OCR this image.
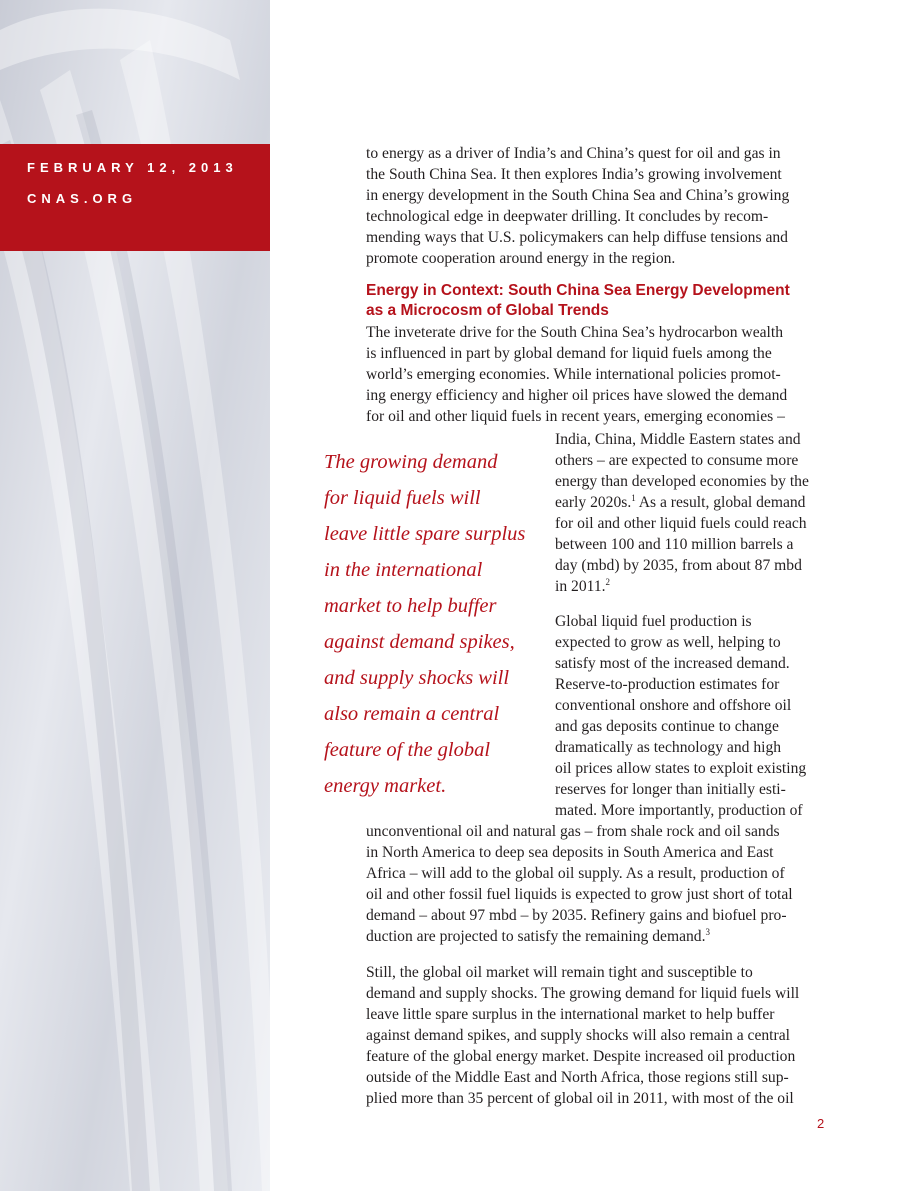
FEBRUARY 12, 2013
CNAS.ORG
to energy as a driver of India’s and China’s quest for oil and gas in
the South China Sea. It then explores India’s growing involvement
in energy development in the South China Sea and China’s growing
technological edge in deepwater drilling. It concludes by recom-
mending ways that U.S. policymakers can help diffuse tensions and
promote cooperation around energy in the region.
Energy in Context: South China Sea Energy Development
as a Microcosm of Global Trends
The inveterate drive for the South China Sea’s hydrocarbon wealth
is influenced in part by global demand for liquid fuels among the
world’s emerging economies. While international policies promot-
ing energy efficiency and higher oil prices have slowed the demand
for oil and other liquid fuels in recent years, emerging economies –
India, China, Middle Eastern states and
others – are expected to consume more
energy than developed economies by the
early 2020s.$^1$ As a result, global demand
for oil and other liquid fuels could reach
between 100 and 110 million barrels a
day (mbd) by 2035, from about 87 mbd
in 2011.$^2$
The growing demand
for liquid fuels will
leave little spare surplus
in the international
market to help buffer
against demand spikes,
and supply shocks will
also remain a central
feature of the global
energy market.
Global liquid fuel production is
expected to grow as well, helping to
satisfy most of the increased demand.
Reserve-to-production estimates for
conventional onshore and offshore oil
and gas deposits continue to change
dramatically as technology and high
oil prices allow states to exploit existing
reserves for longer than initially esti-
mated. More importantly, production of
unconventional oil and natural gas – from shale rock and oil sands
in North America to deep sea deposits in South America and East
Africa – will add to the global oil supply. As a result, production of
oil and other fossil fuel liquids is expected to grow just short of total
demand – about 97 mbd – by 2035. Refinery gains and biofuel pro-
duction are projected to satisfy the remaining demand.$^3$
Still, the global oil market will remain tight and susceptible to
demand and supply shocks. The growing demand for liquid fuels will
leave little spare surplus in the international market to help buffer
against demand spikes, and supply shocks will also remain a central
feature of the global energy market. Despite increased oil production
outside of the Middle East and North Africa, those regions still sup-
plied more than 35 percent of global oil in 2011, with most of the oil
2
